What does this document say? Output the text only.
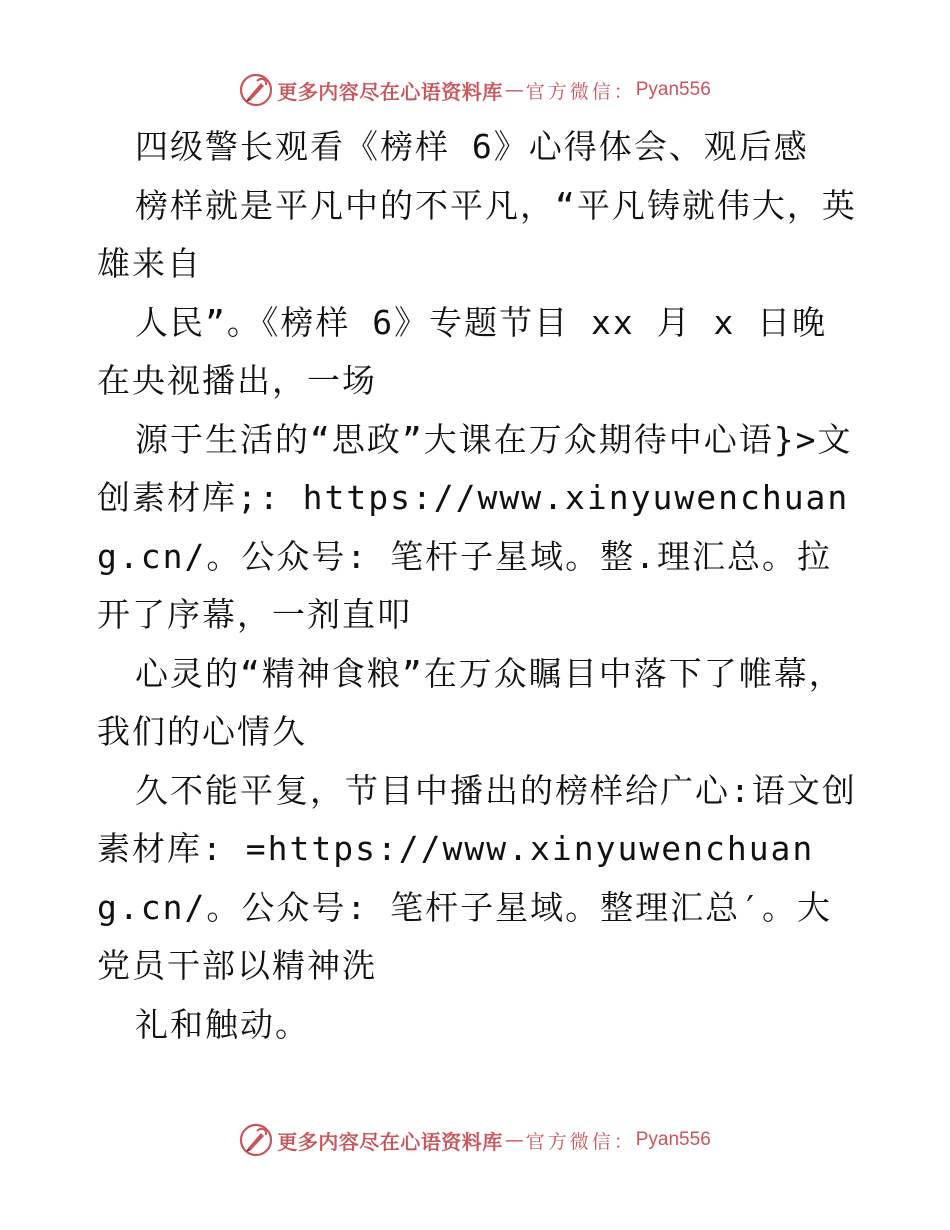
更多内容尽在心语资料库 — 官方微信： Pyan556

四级警长观看《榜样 6》心得体会、观后感

榜样就是平凡中的不平凡，“平凡铸就伟大，英雄来自

人民”。《榜样 6》专题节目 xx 月 x 日晚在央视播出，一场

源于生活的“思政”大课在万众期待中心语}>文创素材库;: https://www.xinyuwenchuang.cn/。公众号: 笔杆子星域。整.理汇总。拉开了序幕，一剂直叩

心灵的“精神食粮”在万众瞩目中落下了帷幕，我们的心情久

久不能平复，节目中播出的榜样给广心:语文创素材库: =https://www.xinyuwenchuang.cn/。公众号: 笔杆子星域。整理汇总′。大党员干部以精神洗

礼和触动。

更多内容尽在心语资料库 — 官方微信： Pyan556
